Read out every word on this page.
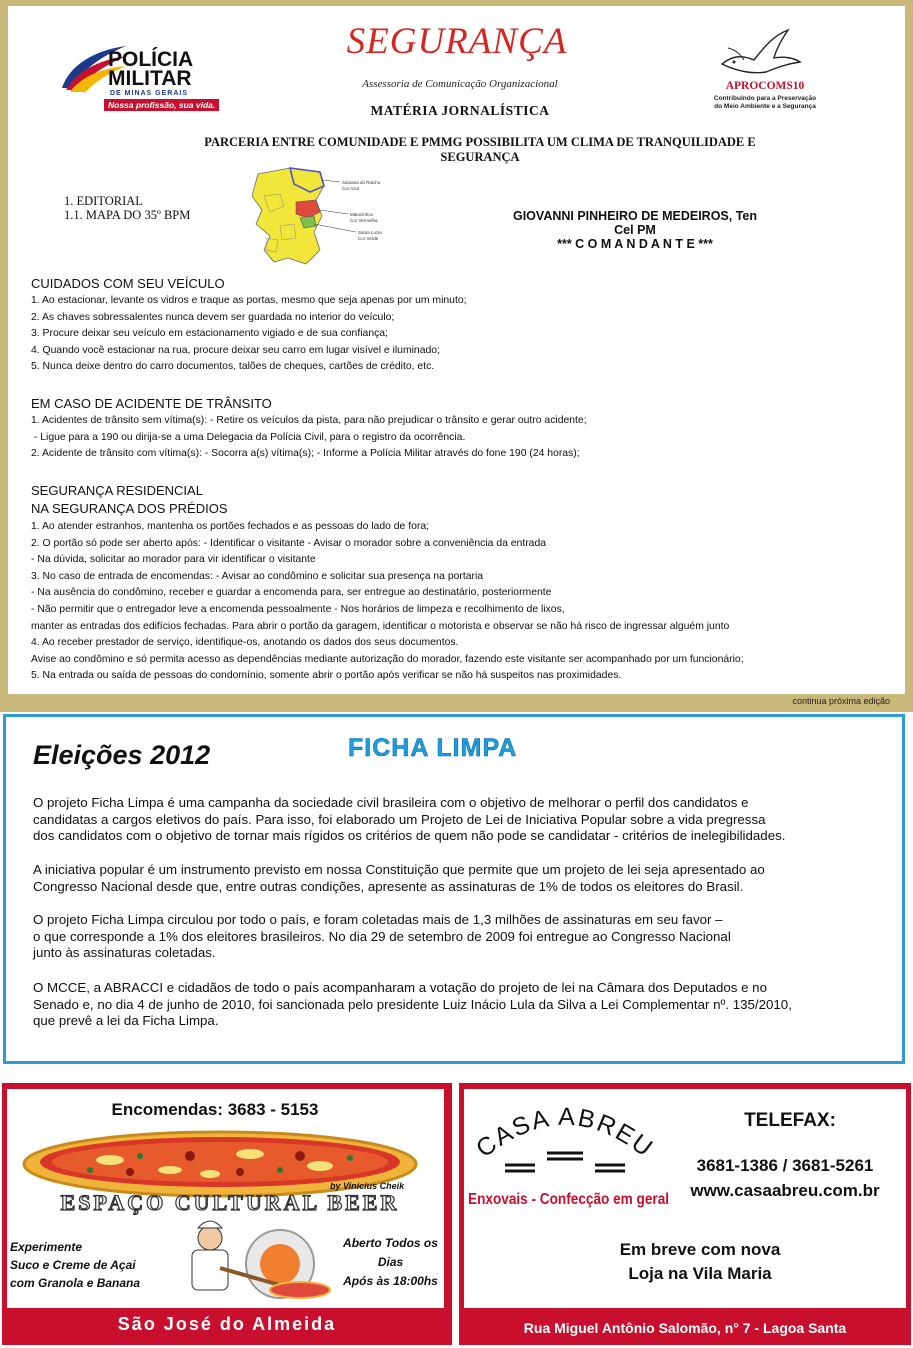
POLÍCIA
MILITAR
DE MINAS GERAIS
Nossa profissão, sua vida.
SEGURANÇA
Assessoria de Comunicação Organizacional
MATÉRIA JORNALÍSTICA
APROCOMS10
Contribuindo para a Preservação
do Meio Ambiente e a Segurança
PARCERIA ENTRE COMUNIDADE E PMMG POSSIBILITA UM CLIMA DE TRANQUILIDADE E
SEGURANÇA
1. EDITORIAL
1.1. MAPA DO 35º BPM
Santana do Riacho
Cor Azul
Matozinhos
Cor Vermelha
Santa Luzia
Cor Verde
GIOVANNI PINHEIRO DE MEDEIROS, Ten
Cel PM
*** C O M A N D A N T E ***
CUIDADOS COM SEU VEÍCULO
1. Ao estacionar, levante os vidros e traque as portas, mesmo que seja apenas por um minuto;
2. As chaves sobressalentes nunca devem ser guardada no interior do veículo;
3. Procure deixar seu veículo em estacionamento vigiado e de sua confiança;
4. Quando você estacionar na rua, procure deixar seu carro em lugar visível e iluminado;
5. Nunca deixe dentro do carro documentos, talões de cheques, cartões de crédito, etc.
EM CASO DE ACIDENTE DE TRÂNSITO
1. Acidentes de trânsito sem vítima(s): - Retire os veículos da pista, para não prejudicar o trânsito e gerar outro acidente;
- Ligue para a 190 ou dirija-se a uma Delegacia da Polícia Civil, para o registro da ocorrência.
2. Acidente de trânsito com vítima(s): - Socorra a(s) vítima(s); - Informe a Polícia Militar através do fone 190 (24 horas);
SEGURANÇA RESIDENCIAL
NA SEGURANÇA DOS PRÉDIOS
1. Ao atender estranhos, mantenha os portões fechados e as pessoas do lado de fora;
2. O portão só pode ser aberto após: - Identificar o visitante - Avisar o morador sobre a conveniência da entrada
- Na dúvida, solicitar ao morador para vir identificar o visitante
3. No caso de entrada de encomendas: - Avisar ao condômino e solicitar sua presença na portaria
- Na ausência do condômino, receber e guardar a encomenda para, ser entregue ao destinatário, posteriormente
- Não permitir que o entregador leve a encomenda pessoalmente - Nos horários de limpeza e recolhimento de lixos,
manter as entradas dos edifícios fechadas. Para abrir o portão da garagem, identificar o motorista e observar se não há risco de ingressar alguém junto
4. Ao receber prestador de serviço, identifique-os, anotando os dados dos seus documentos.
Avise ao condômino e só permita acesso as dependências mediante autorização do morador, fazendo este visitante ser acompanhado por um funcionário;
5. Na entrada ou saída de pessoas do condomínio, somente abrir o portão após verificar se não há suspeitos nas proximidades.
continua próxima edição
Eleições 2012	FICHA LIMPA
O projeto Ficha Limpa é uma campanha da sociedade civil brasileira com o objetivo de melhorar o perfil dos candidatos e
candidatas a cargos eletivos do país. Para isso, foi elaborado um Projeto de Lei de Iniciativa Popular sobre a vida pregressa
dos candidatos com o objetivo de tornar mais rígidos os critérios de quem não pode se candidatar - critérios de inelegibilidades.
A iniciativa popular é um instrumento previsto em nossa Constituição que permite que um projeto de lei seja apresentado ao
Congresso Nacional desde que, entre outras condições, apresente as assinaturas de 1% de todos os eleitores do Brasil.
O projeto Ficha Limpa circulou por todo o país, e foram coletadas mais de 1,3 milhões de assinaturas em seu favor –
o que corresponde a 1% dos eleitores brasileiros. No dia 29 de setembro de 2009 foi entregue ao Congresso Nacional
junto às assinaturas coletadas.
O MCCE, a ABRACCI e cidadãos de todo o país acompanharam a votação do projeto de lei na Câmara dos Deputados e no
Senado e, no dia 4 de junho de 2010, foi sancionada pelo presidente Luiz Inácio Lula da Silva a Lei Complementar nº. 135/2010,
que prevê a lei da Ficha Limpa.
Encomendas: 3683 - 5153
by Vinicius Cheik
ESPAÇO CULTURAL BEER
Experimente
Suco e Creme de Açai
com Granola e Banana
Aberto Todos os Dias
Após às 18:00hs
São José do Almeida
CASA ABREU
Enxovais - Confecção em geral
TELEFAX:
3681-1386 / 3681-5261
www.casaabreu.com.br
Em breve com nova
Loja na Vila Maria
Rua Miguel Antônio Salomão, n° 7 - Lagoa Santa
